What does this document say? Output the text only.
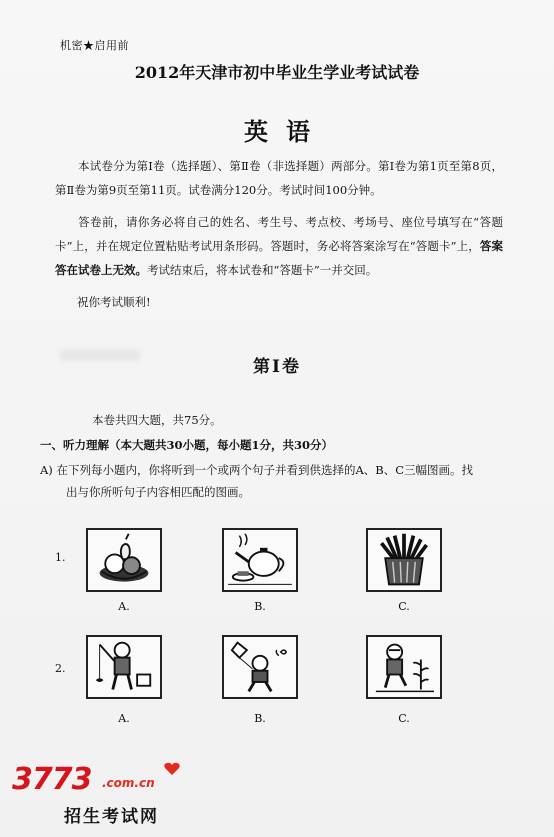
机密★启用前
2012年天津市初中毕业生学业考试试卷
英语
本试卷分为第Ⅰ卷（选择题）、第Ⅱ卷（非选择题）两部分。第Ⅰ卷为第1页至第8页，第Ⅱ卷为第9页至第11页。试卷满分120分。考试时间100分钟。
答卷前，请你务必将自己的姓名、考生号、考点校、考场号、座位号填写在“答题卡”上，并在规定位置粘贴考试用条形码。答题时，务必将答案涂写在“答题卡”上，答案答在试卷上无效。考试结束后，将本试卷和“答题卡”一并交回。
祝你考试顺利!
第Ⅰ卷
本卷共四大题，共75分。
一、听力理解（本大题共30小题，每小题1分，共30分）
A) 在下列每小题内，你将听到一个或两个句子并看到供选择的A、B、C三幅图画。找
出与你所听句子内容相匹配的图画。
1.
A.	B.	C.
2.
A.	B.	C.
3773 .com.cn
招生考试网
